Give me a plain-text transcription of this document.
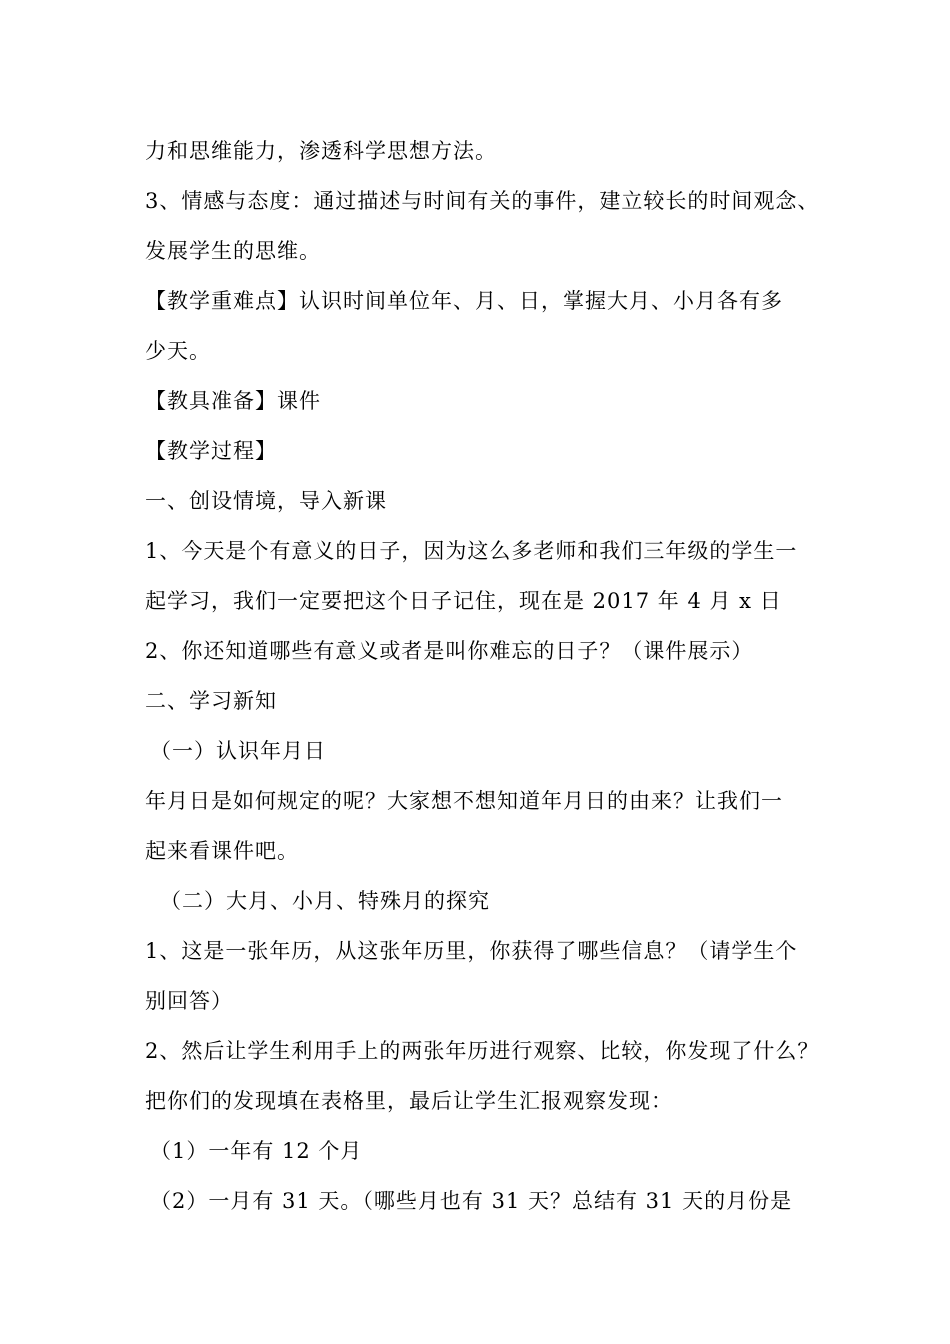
力和思维能力，渗透科学思想方法。
3、情感与态度：通过描述与时间有关的事件，建立较长的时间观念、
发展学生的思维。
【教学重难点】认识时间单位年、月、日，掌握大月、小月各有多
少天。
【教具准备】课件
【教学过程】
一、创设情境，导入新课
1、今天是个有意义的日子，因为这么多老师和我们三年级的学生一
起学习，我们一定要把这个日子记住，现在是 2017 年 4 月 x 日
2、你还知道哪些有意义或者是叫你难忘的日子？（课件展示）
二、学习新知
（一）认识年月日
年月日是如何规定的呢？大家想不想知道年月日的由来？让我们一
起来看课件吧。
（二）大月、小月、特殊月的探究
1、这是一张年历，从这张年历里，你获得了哪些信息？（请学生个
别回答）
2、然后让学生利用手上的两张年历进行观察、比较，你发现了什么？
把你们的发现填在表格里，最后让学生汇报观察发现：
（1）一年有 12 个月
（2）一月有 31 天。（哪些月也有 31 天？总结有 31 天的月份是
